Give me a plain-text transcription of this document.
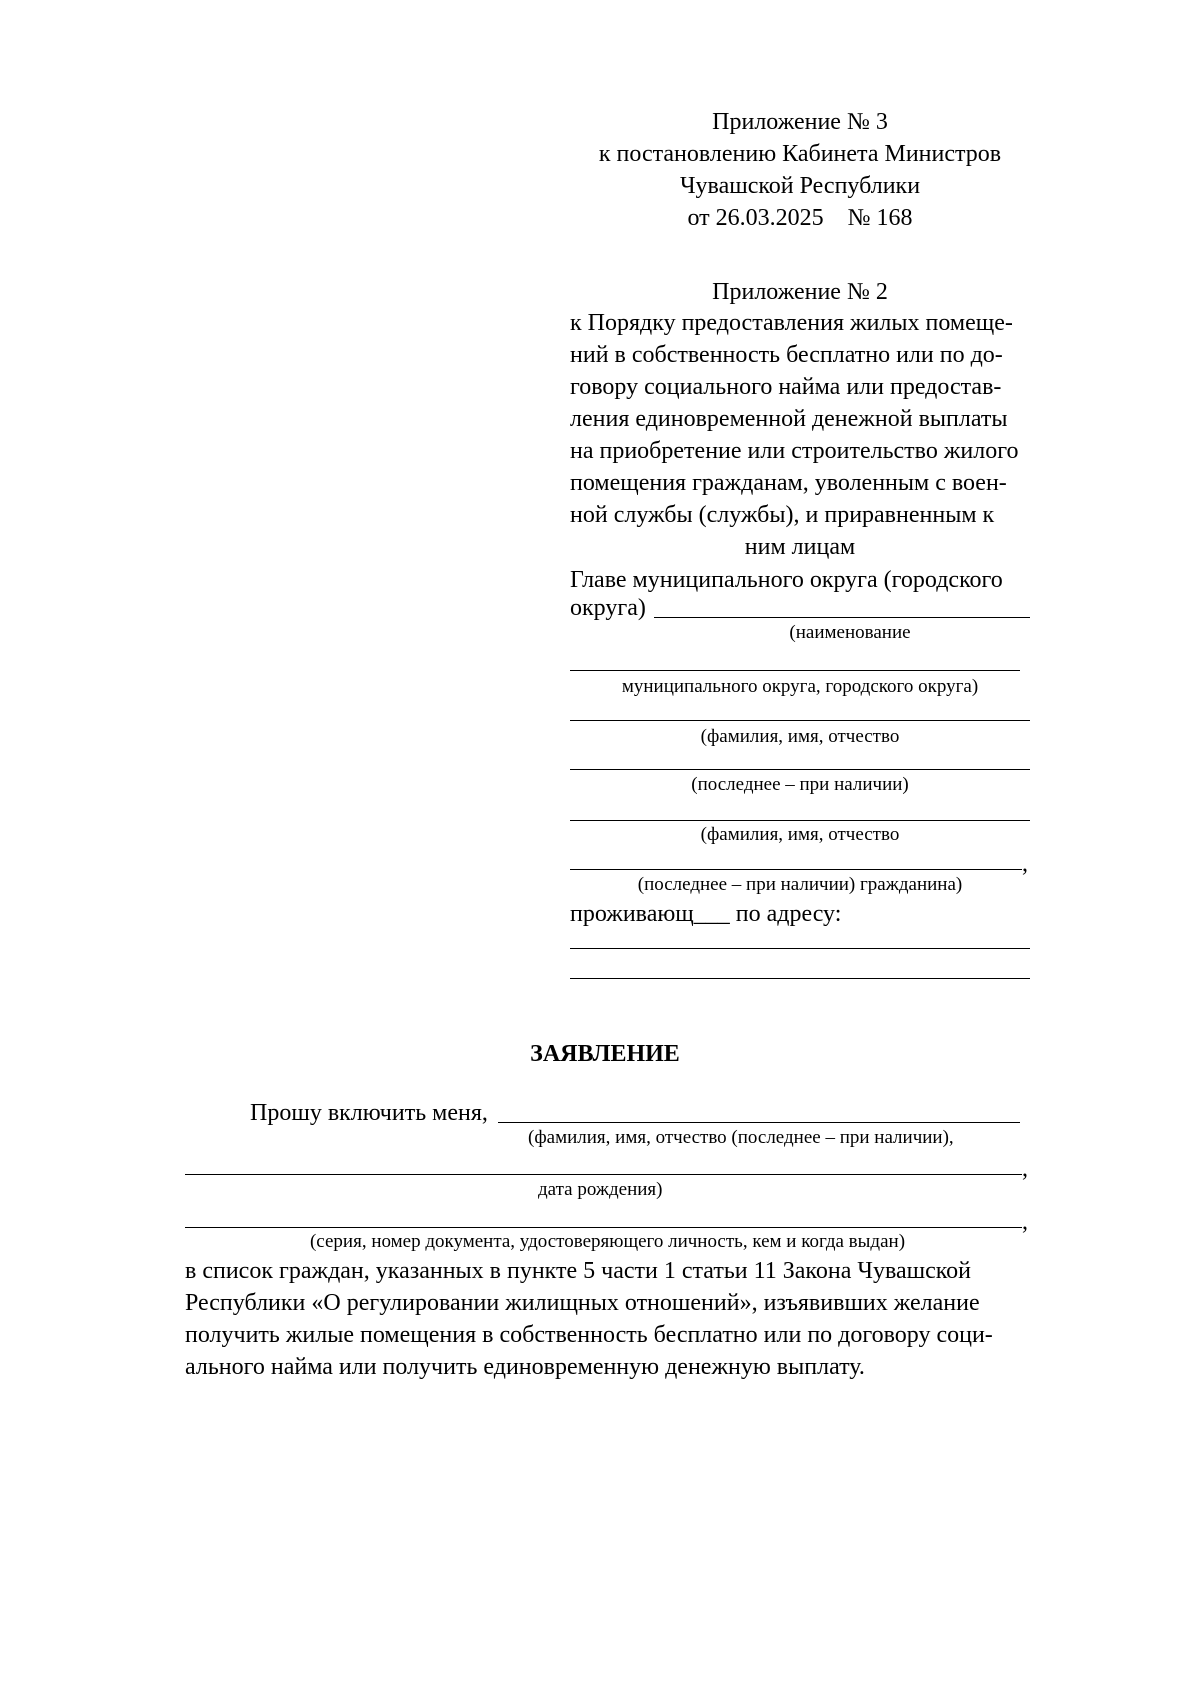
Приложение № 3
к постановлению Кабинета Министров
Чувашской Республики
от 26.03.2025    № 168
Приложение № 2
к Порядку предоставления жилых помеще-
ний в собственность бесплатно или по до-
говору социального найма или предостав-
ления единовременной денежной выплаты
на приобретение или строительство жилого
помещения гражданам, уволенным с воен-
ной службы (службы), и приравненным к
ним лицам
Главе муниципального округа (городского
округа)
(наименование
муниципального округа, городского округа)
(фамилия, имя, отчество
(последнее – при наличии)
(фамилия, имя, отчество
,
(последнее – при наличии) гражданина)
проживающ___ по адресу:
ЗАЯВЛЕНИЕ
Прошу включить меня,
(фамилия, имя, отчество (последнее – при наличии),
,
дата рождения)
,
(серия, номер документа, удостоверяющего личность, кем и когда выдан)
в список граждан, указанных в пункте 5 части 1 статьи 11 Закона Чувашской
Республики «О регулировании жилищных отношений», изъявивших желание
получить жилые помещения в собственность бесплатно или по договору соци-
ального найма или получить единовременную денежную выплату.
